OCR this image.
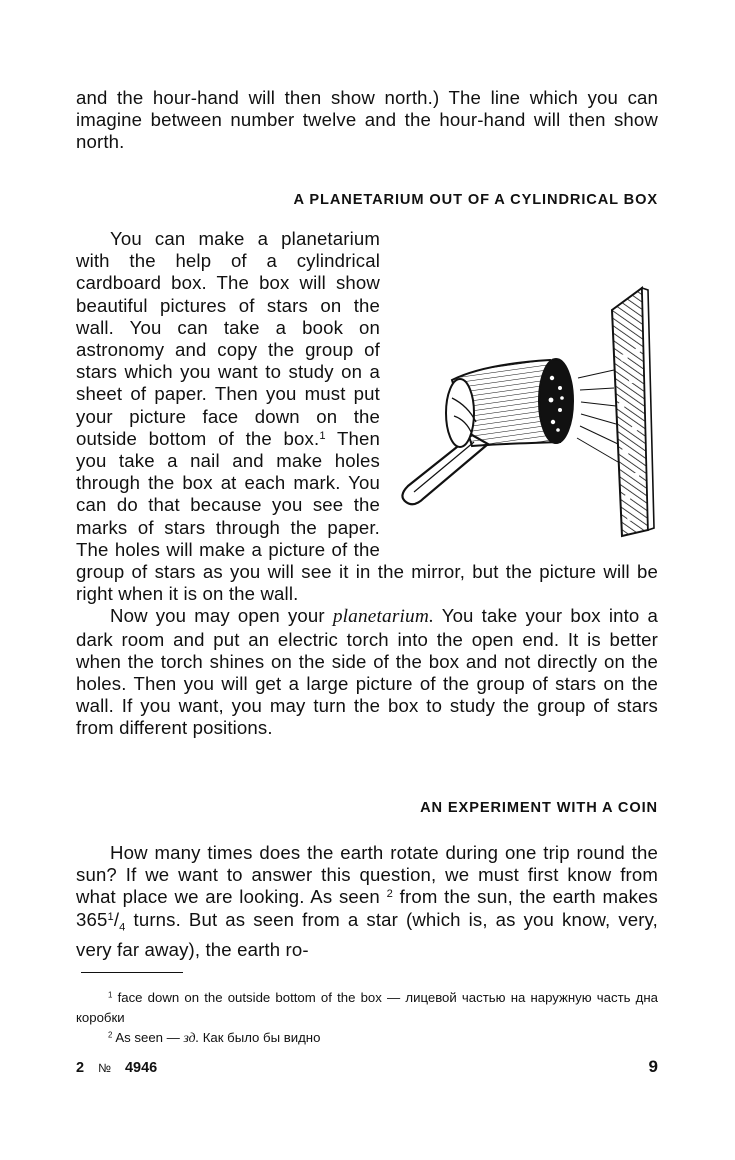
and the hour-hand will then show north.) The line which you can imagine between number twelve and the hour-hand will then show north.

A PLANETARIUM OUT OF A CYLINDRICAL BOX

You can make a planetarium with the help of a cylindrical cardboard box. The box will show beautiful pictures of stars on the wall. You can take a book on astronomy and copy the group of stars which you want to study on a sheet of paper. Then you must put your picture face down on the outside bottom of the box.$^1$ Then you take a nail and make holes through the box at each mark. You can do that because you see the marks of stars through the paper. The holes will make a picture of the group of stars as you will see it in the mirror, but the picture will be right when it is on the wall.

Now you may open your planetarium. You take your box into a dark room and put an electric torch into the open end. It is better when the torch shines on the side of the box and not directly on the holes. Then you will get a large picture of the group of stars on the wall. If you want, you may turn the box to study the group of stars from different positions.

AN EXPERIMENT WITH A COIN

How many times does the earth rotate during one trip round the sun? If we want to answer this question, we must first know from what place we are looking. As seen $^2$ from the sun, the earth makes $365^1/_4$ turns. But as seen from a star (which is, as you know, very, very far away), the earth ro-

$^1$ face down on the outside bottom of the box — лицевой частью на наружную часть дна коробки

$^2$ As seen — зд. Как было бы видно

2 № 4946	9
